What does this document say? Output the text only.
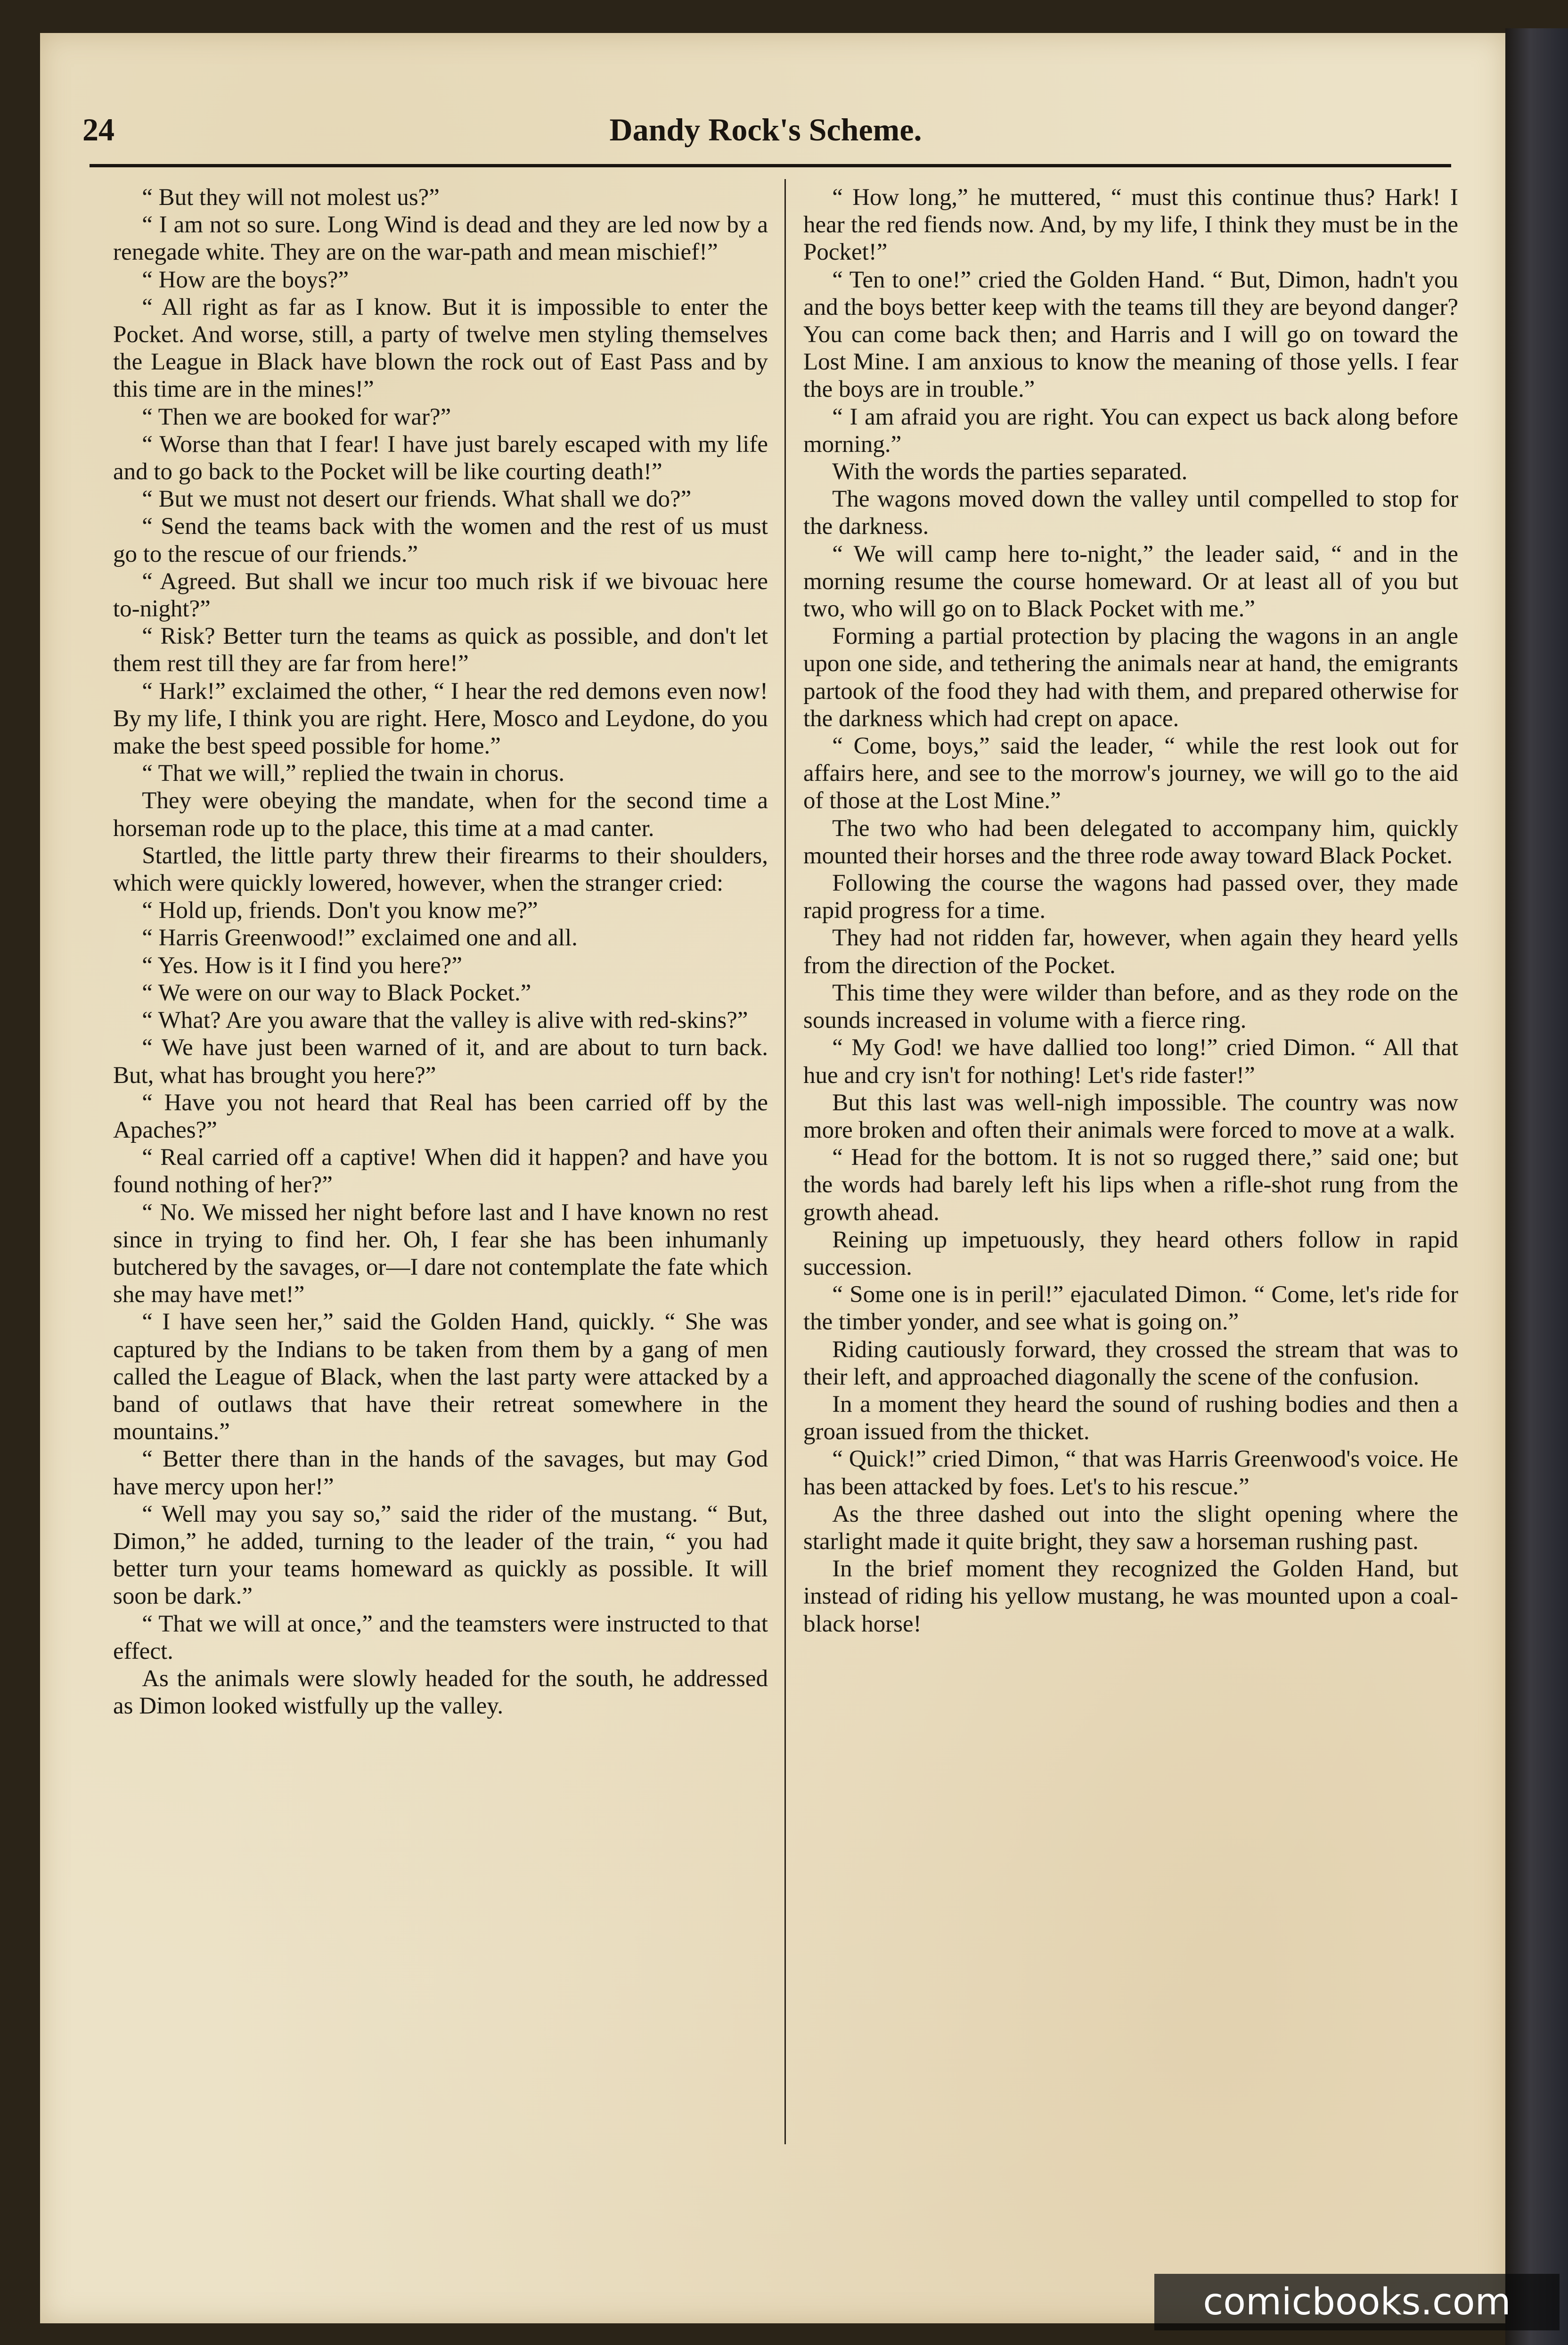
24	Dandy Rock's Scheme.

“ But they will not molest us?”

“ I am not so sure. Long Wind is dead and they are led now by a renegade white. They are on the war-path and mean mischief!”

“ How are the boys?”

“ All right as far as I know. But it is impossible to enter the Pocket. And worse, still, a party of twelve men styling themselves the League in Black have blown the rock out of East Pass and by this time are in the mines!”

“ Then we are booked for war?”

“ Worse than that I fear! I have just barely escaped with my life and to go back to the Pocket will be like courting death!”

“ But we must not desert our friends. What shall we do?”

“ Send the teams back with the women and the rest of us must go to the rescue of our friends.”

“ Agreed. But shall we incur too much risk if we bivouac here to-night?”

“ Risk? Better turn the teams as quick as possible, and don't let them rest till they are far from here!”

“ Hark!” exclaimed the other, “ I hear the red demons even now! By my life, I think you are right. Here, Mosco and Leydone, do you make the best speed possible for home.”

“ That we will,” replied the twain in chorus.

They were obeying the mandate, when for the second time a horseman rode up to the place, this time at a mad canter.

Startled, the little party threw their firearms to their shoulders, which were quickly lowered, however, when the stranger cried:

“ Hold up, friends. Don't you know me?”

“ Harris Greenwood!” exclaimed one and all.

“ Yes. How is it I find you here?”

“ We were on our way to Black Pocket.”

“ What? Are you aware that the valley is alive with red-skins?”

“ We have just been warned of it, and are about to turn back. But, what has brought you here?”

“ Have you not heard that Real has been carried off by the Apaches?”

“ Real carried off a captive! When did it happen? and have you found nothing of her?”

“ No. We missed her night before last and I have known no rest since in trying to find her. Oh, I fear she has been inhumanly butchered by the savages, or—I dare not contemplate the fate which she may have met!”

“ I have seen her,” said the Golden Hand, quickly. “ She was captured by the Indians to be taken from them by a gang of men called the League of Black, when the last party were attacked by a band of outlaws that have their retreat somewhere in the mountains.”

“ Better there than in the hands of the savages, but may God have mercy upon her!”

“ Well may you say so,” said the rider of the mustang. “ But, Dimon,” he added, turning to the leader of the train, “ you had better turn your teams homeward as quickly as possible. It will soon be dark.”

“ That we will at once,” and the teamsters were instructed to that effect.

As the animals were slowly headed for the south, he addressed as Dimon looked wistfully up the valley.

“ How long,” he muttered, “ must this continue thus? Hark! I hear the red fiends now. And, by my life, I think they must be in the Pocket!”

“ Ten to one!” cried the Golden Hand. “ But, Dimon, hadn't you and the boys better keep with the teams till they are beyond danger? You can come back then; and Harris and I will go on toward the Lost Mine. I am anxious to know the meaning of those yells. I fear the boys are in trouble.”

“ I am afraid you are right. You can expect us back along before morning.”

With the words the parties separated.

The wagons moved down the valley until compelled to stop for the darkness.

“ We will camp here to-night,” the leader said, “ and in the morning resume the course homeward. Or at least all of you but two, who will go on to Black Pocket with me.”

Forming a partial protection by placing the wagons in an angle upon one side, and tethering the animals near at hand, the emigrants partook of the food they had with them, and prepared otherwise for the darkness which had crept on apace.

“ Come, boys,” said the leader, “ while the rest look out for affairs here, and see to the morrow's journey, we will go to the aid of those at the Lost Mine.”

The two who had been delegated to accompany him, quickly mounted their horses and the three rode away toward Black Pocket.

Following the course the wagons had passed over, they made rapid progress for a time.

They had not ridden far, however, when again they heard yells from the direction of the Pocket.

This time they were wilder than before, and as they rode on the sounds increased in volume with a fierce ring.

“ My God! we have dallied too long!” cried Dimon. “ All that hue and cry isn't for nothing! Let's ride faster!”

But this last was well-nigh impossible. The country was now more broken and often their animals were forced to move at a walk.

“ Head for the bottom. It is not so rugged there,” said one; but the words had barely left his lips when a rifle-shot rung from the growth ahead.

Reining up impetuously, they heard others follow in rapid succession.

“ Some one is in peril!” ejaculated Dimon. “ Come, let's ride for the timber yonder, and see what is going on.”

Riding cautiously forward, they crossed the stream that was to their left, and approached diagonally the scene of the confusion.

In a moment they heard the sound of rushing bodies and then a groan issued from the thicket.

“ Quick!” cried Dimon, “ that was Harris Greenwood's voice. He has been attacked by foes. Let's to his rescue.”

As the three dashed out into the slight opening where the starlight made it quite bright, they saw a horseman rushing past.

In the brief moment they recognized the Golden Hand, but instead of riding his yellow mustang, he was mounted upon a coal-black horse!

comicbooks.com
